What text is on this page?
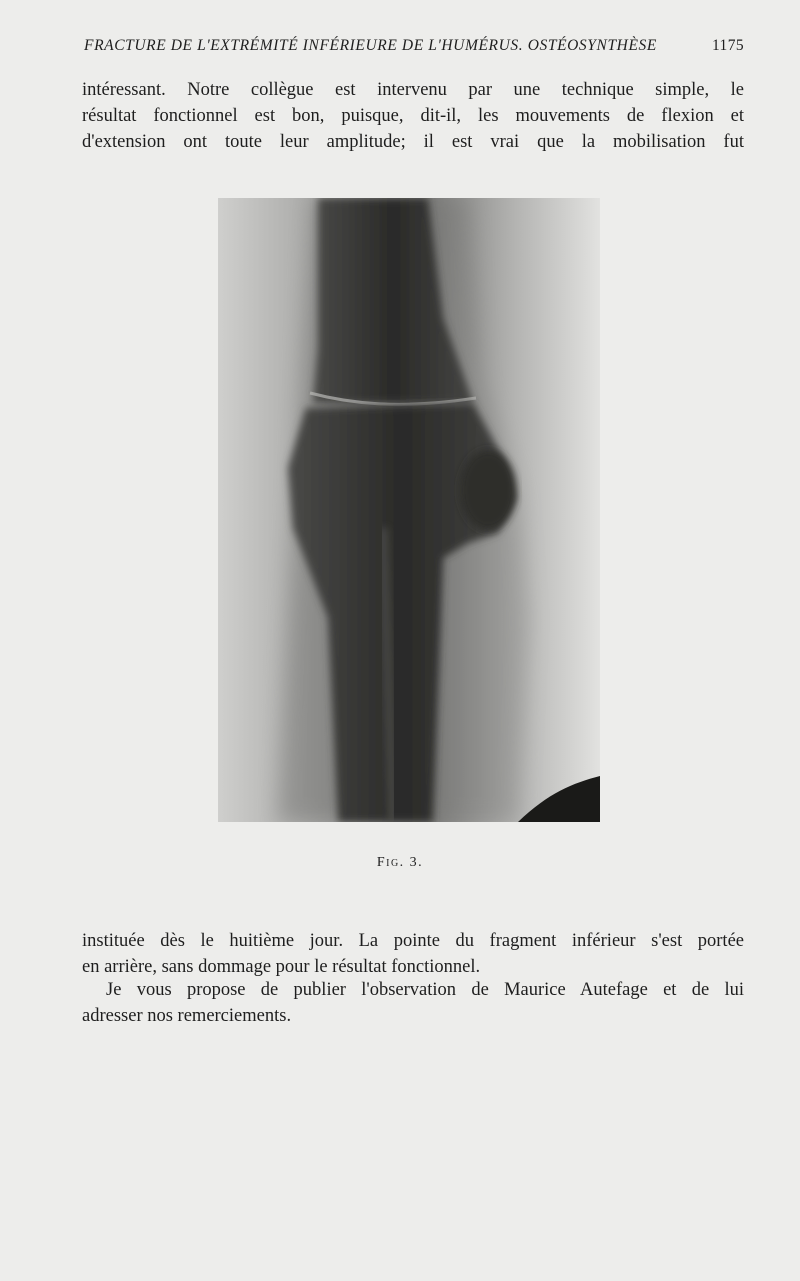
FRACTURE DE L'EXTRÉMITÉ INFÉRIEURE DE L'HUMÉRUS. OSTÉOSYNTHÈSE	1175
intéressant. Notre collègue est intervenu par une technique simple, le
résultat fonctionnel est bon, puisque, dit-il, les mouvements de flexion et
d'extension ont toute leur amplitude; il est vrai que la mobilisation fut
Fig. 3.
instituée dès le huitième jour. La pointe du fragment inférieur s'est portée
en arrière, sans dommage pour le résultat fonctionnel.
Je vous propose de publier l'observation de Maurice Autefage et de lui
adresser nos remerciements.
